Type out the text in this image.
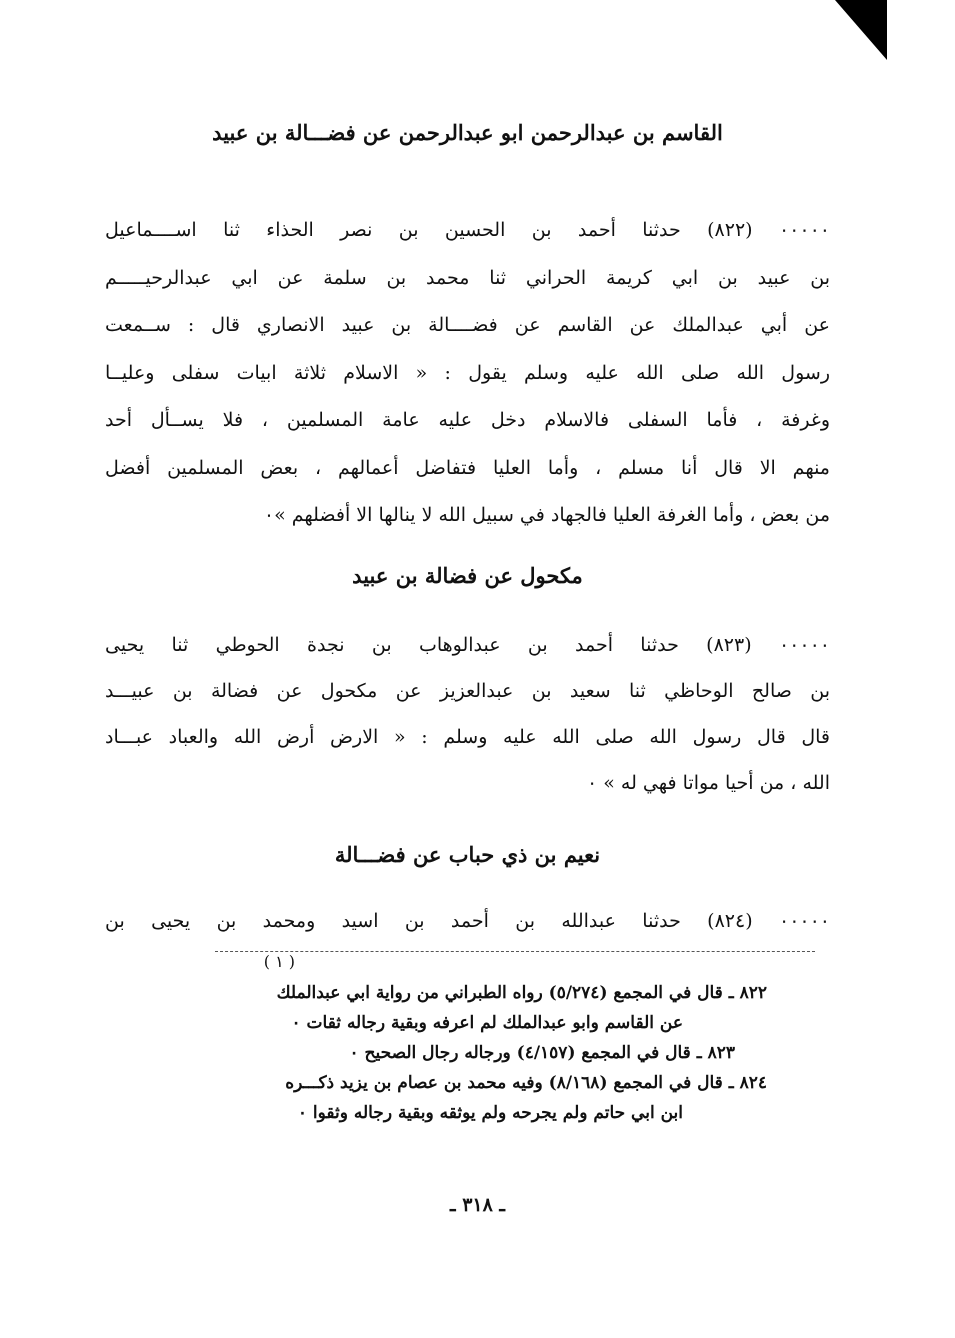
القاسم بن عبدالرحمن ابو عبدالرحمن عن فضـــالة بن عبيد
٠٠٠٠٠ (٨٢٢) حدثنا أحمد بن الحسين بن نصر الحذاء ثنا اســــماعيل
بن عبيد بن ابي كريمة الحراني ثنا محمد بن سلمة عن ابي عبدالرحيـــــم
عن أبي عبدالملك عن القاسم عن فضــــالة بن عبيد الانصاري قال : ســمعت
رسول الله صلى الله عليه وسلم يقول : « الاسلام ثلاثة ابيات سفلى وعليــا
وغرفة ، فأما السفلى فالاسلام دخل عليه عامة المسلمين ، فلا يســأل أحد
منهم الا قال أنا مسلم ، وأما العليا فتفاضل أعمالهم ، بعض المسلمين أفضل
من بعض ، وأما الغرفة العليا فالجهاد في سبيل الله لا ينالها الا أفضلهم »٠
مكحول عن فضالة بن عبيد
٠٠٠٠٠ (٨٢٣) حدثنا أحمد بن عبدالوهاب بن نجدة الحوطي ثنا يحيى
بن صالح الوحاظي ثنا سعيد بن عبدالعزيز عن مكحول عن فضالة بن عبيـــد
قال قال رسول الله صلى الله عليه وسلم : « الارض أرض الله والعباد عبـــاد
الله ، من أحيا مواتا فهي له » ٠
نعيم بن ذي حباب عن فضـــالة
٠٠٠٠٠ (٨٢٤) حدثنا عبدالله بن أحمد بن اسيد ومحمد بن يحيى بن
( ١ )
٨٢٢ ـ قال في المجمع (٥/٢٧٤) رواه الطبراني من رواية ابي عبدالملك
عن القاسم وابو عبدالملك لم اعرفه وبقية رجاله ثقات ٠
٨٢٣ ـ قال في المجمع (٤/١٥٧) ورجاله رجال الصحيح ٠
٨٢٤ ـ قال في المجمع (٨/١٦٨) وفيه محمد بن عصام بن يزيد ذكـــره
ابن ابي حاتم ولم يجرحه ولم يوثقه وبقية رجاله وثقوا ٠
ـ ٣١٨ ـ
